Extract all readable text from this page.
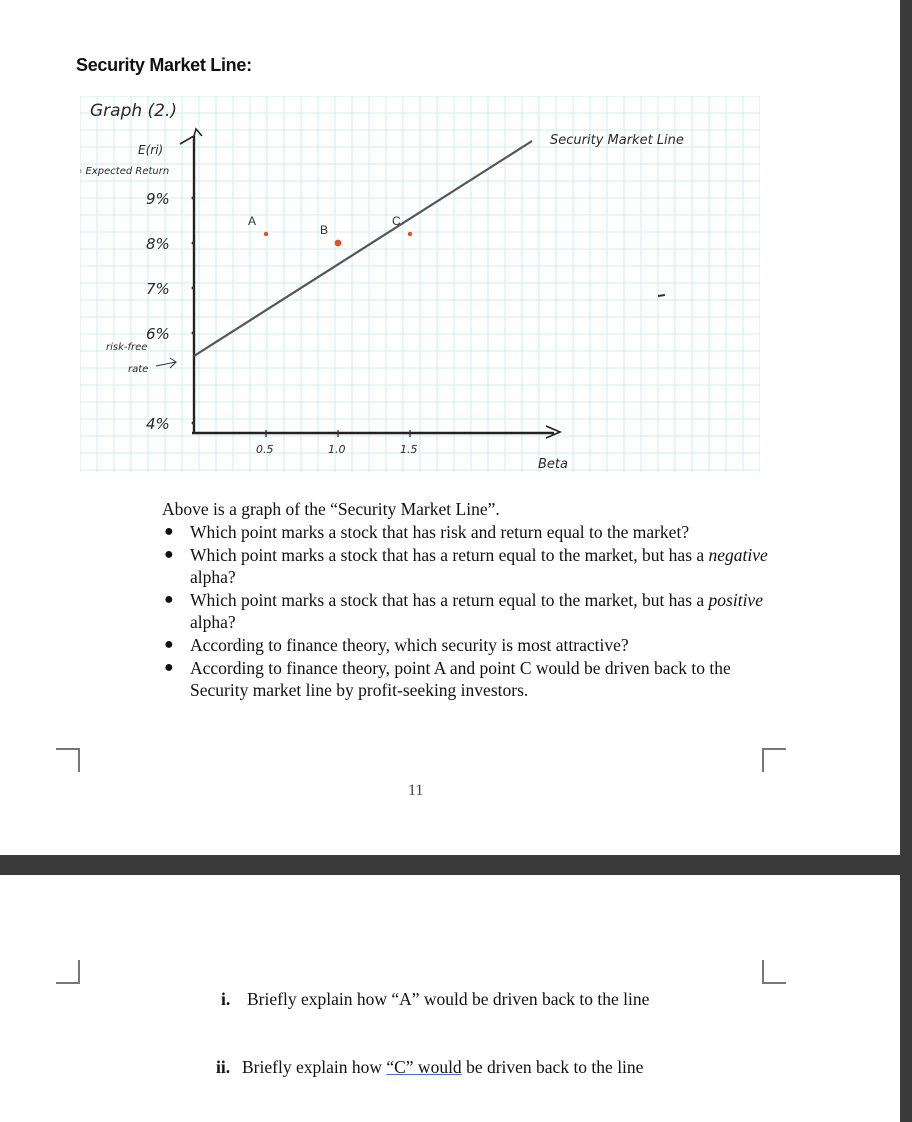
Security Market Line:
Graph (2.)
E(ri)
= Expected Return
Security Market Line
risk-free
rate
Beta
9%
8%
7%
6%
4%
0.5	1.0	1.5
A
B
C

Above is a graph of the “Security Market Line”.

● Which point marks a stock that has risk and return equal to the market?
● Which point marks a stock that has a return equal to the market, but has a negative alpha?
● Which point marks a stock that has a return equal to the market, but has a positive alpha?
● According to finance theory, which security is most attractive?
● According to finance theory, point A and point C would be driven back to the Security market line by profit-seeking investors.
11
i. Briefly explain how “A” would be driven back to the line
ii. Briefly explain how “C” would be driven back to the line
